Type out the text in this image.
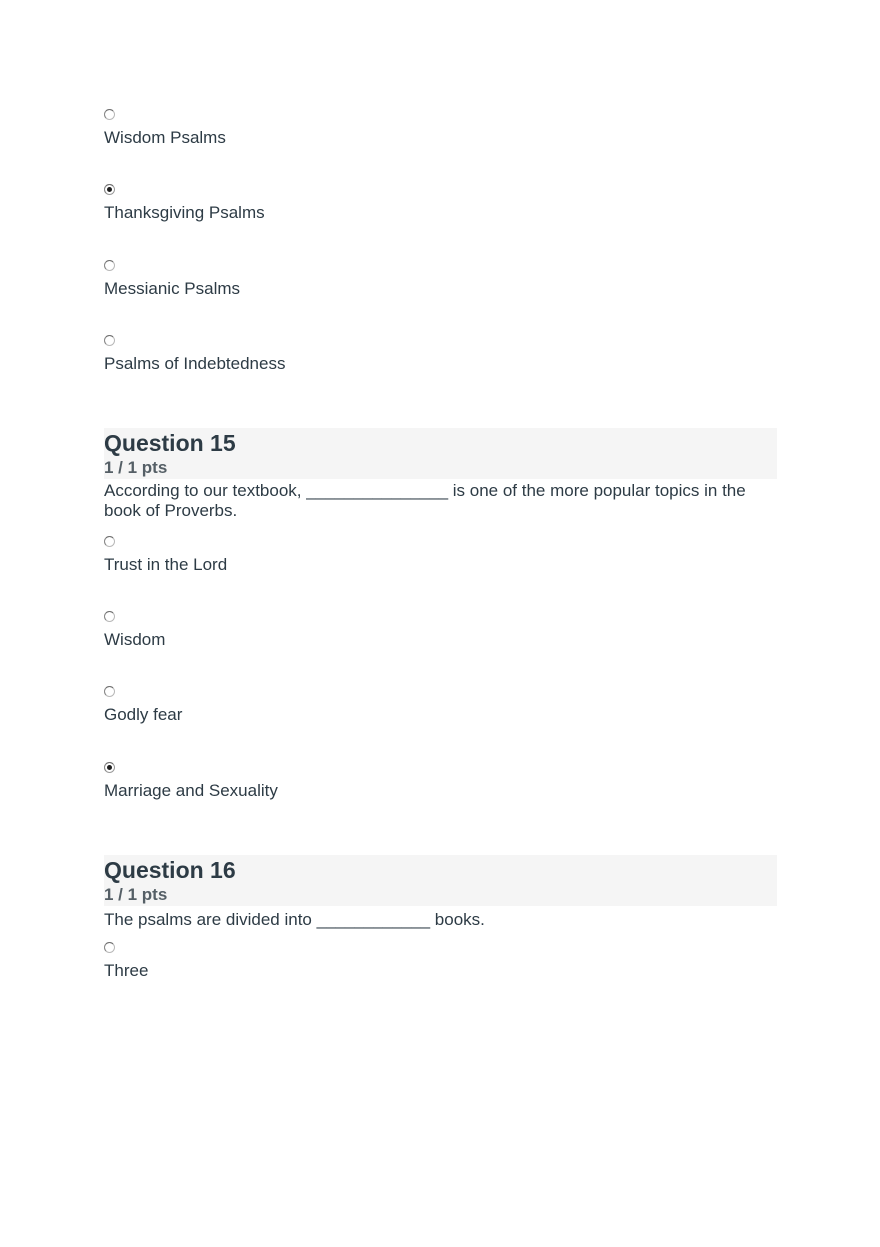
Wisdom Psalms
Thanksgiving Psalms
Messianic Psalms
Psalms of Indebtedness
Question 15
1 / 1 pts
According to our textbook, _______________ is one of the more popular topics in the book of Proverbs.
Trust in the Lord
Wisdom
Godly fear
Marriage and Sexuality
Question 16
1 / 1 pts
The psalms are divided into ____________ books.
Three
